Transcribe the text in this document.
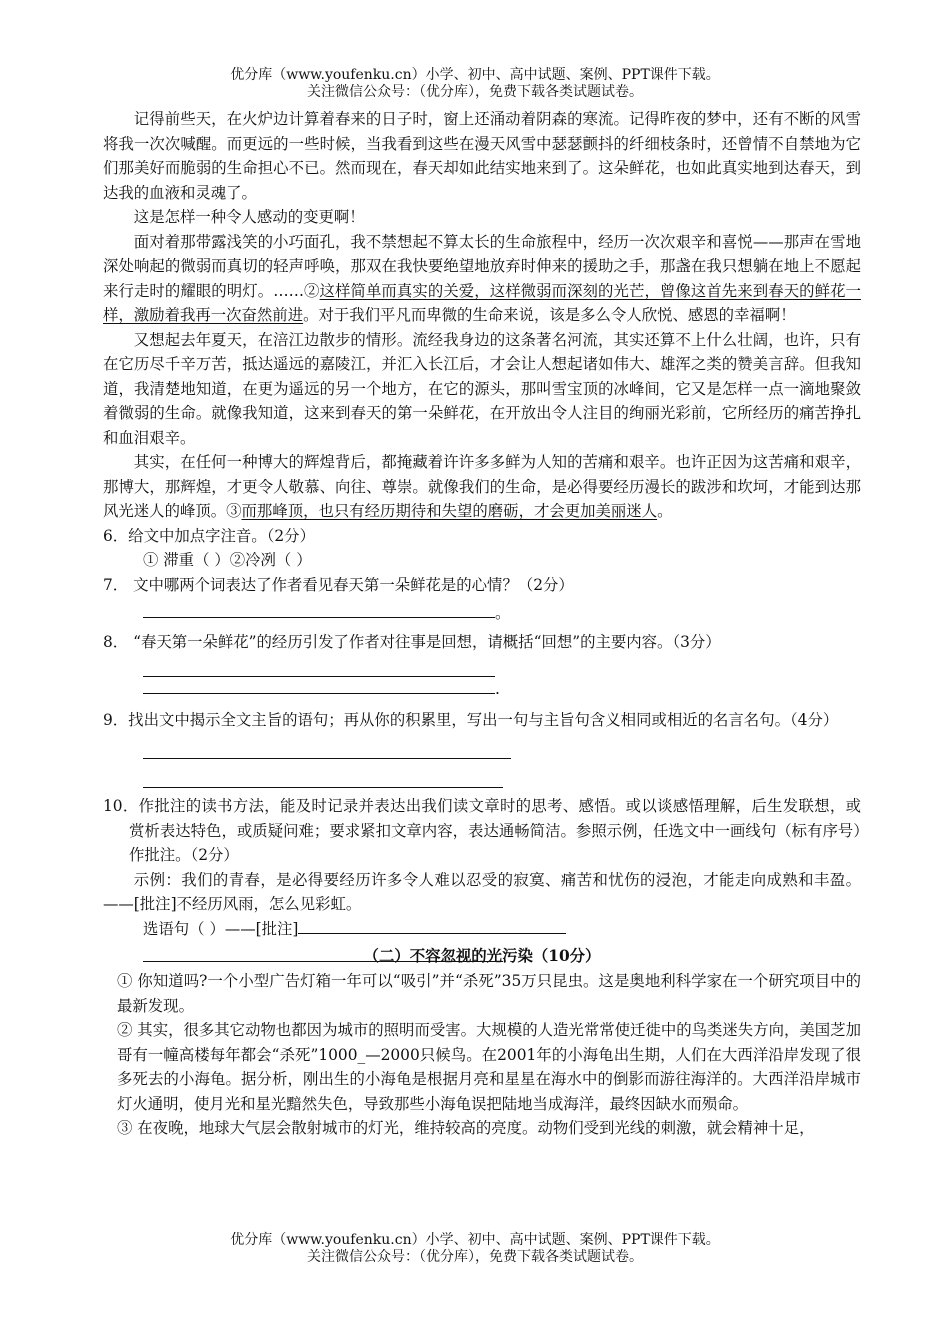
优分库（www.youfenku.cn）小学、初中、高中试题、案例、PPT课件下载。
关注微信公众号：（优分库），免费下载各类试题试卷。

记得前些天，在火炉边计算着春来的日子时，窗上还涌动着阴森的寒流。记得昨夜的梦中，还有不断的风雪将我一次次喊醒。而更远的一些时候，当我看到这些在漫天风雪中瑟瑟颤抖的纤细枝条时，还曾情不自禁地为它们那美好而脆弱的生命担心不已。然而现在，春天却如此结实地来到了。这朵鲜花，也如此真实地到达春天，到达我的血液和灵魂了。

这是怎样一种令人感动的变更啊！

面对着那带露浅笑的小巧面孔，我不禁想起不算太长的生命旅程中，经历一次次艰辛和喜悦——那声在雪地深处响起的微弱而真切的轻声呼唤，那双在我快要绝望地放弃时伸来的援助之手，那盏在我只想躺在地上不愿起来行走时的耀眼的明灯。……②这样简单而真实的关爱，这样微弱而深刻的光芒，曾像这首先来到春天的鲜花一样，激励着我再一次奋然前进。对于我们平凡而卑微的生命来说，该是多么令人欣悦、感恩的幸福啊！

又想起去年夏天，在涪江边散步的情形。流经我身边的这条著名河流，其实还算不上什么壮阔，也许，只有在它历尽千辛万苦，抵达遥远的嘉陵江，并汇入长江后，才会让人想起诸如伟大、雄浑之类的赞美言辞。但我知道，我清楚地知道，在更为遥远的另一个地方，在它的源头，那叫雪宝顶的冰峰间，它又是怎样一点一滴地聚敛着微弱的生命。就像我知道，这来到春天的第一朵鲜花，在开放出令人注目的绚丽光彩前，它所经历的痛苦挣扎和血泪艰辛。

其实，在任何一种博大的辉煌背后，都掩藏着许许多多鲜为人知的苦痛和艰辛。也许正因为这苦痛和艰辛，那博大，那辉煌，才更令人敬慕、向往、尊崇。就像我们的生命，是必得要经历漫长的跋涉和坎坷，才能到达那风光迷人的峰顶。③而那峰顶，也只有经历期待和失望的磨砺，才会更加美丽迷人。

6．给文中加点字注音。（2分）

① 滞重（ ）②冷冽（ ）

7． 文中哪两个词表达了作者看见春天第一朵鲜花是的心情？（2分）

。

8． “春天第一朵鲜花”的经历引发了作者对往事是回想，请概括“回想”的主要内容。（3分）

.

9．找出文中揭示全文主旨的语句；再从你的积累里，写出一句与主旨句含义相同或相近的名言名句。（4分）

10．作批注的读书方法，能及时记录并表达出我们读文章时的思考、感悟。或以谈感悟理解，后生发联想，或赏析表达特色，或质疑问难；要求紧扣文章内容，表达通畅简洁。参照示例，任选文中一画线句（标有序号）作批注。（2分）

示例：我们的青春，是必得要经历许多令人难以忍受的寂寞、痛苦和忧伤的浸泡，才能走向成熟和丰盈。——[批注]不经历风雨，怎么见彩虹。

选语句（ ）——[批注]

（二）不容忽视的光污染（10分）

① 你知道吗?一个小型广告灯箱一年可以“吸引”并“杀死”35万只昆虫。这是奥地利科学家在一个研究项目中的最新发现。

② 其实，很多其它动物也都因为城市的照明而受害。大规模的人造光常常使迁徙中的鸟类迷失方向，美国芝加哥有一幢高楼每年都会“杀死”1000_—2000只候鸟。在2001年的小海龟出生期，人们在大西洋沿岸发现了很多死去的小海龟。据分析，刚出生的小海龟是根据月亮和星星在海水中的倒影而游往海洋的。大西洋沿岸城市灯火通明，使月光和星光黯然失色，导致那些小海龟误把陆地当成海洋，最终因缺水而殒命。

③ 在夜晚，地球大气层会散射城市的灯光，维持较高的亮度。动物们受到光线的刺激，就会精神十足，

优分库（www.youfenku.cn）小学、初中、高中试题、案例、PPT课件下载。
关注微信公众号：（优分库），免费下载各类试题试卷。
